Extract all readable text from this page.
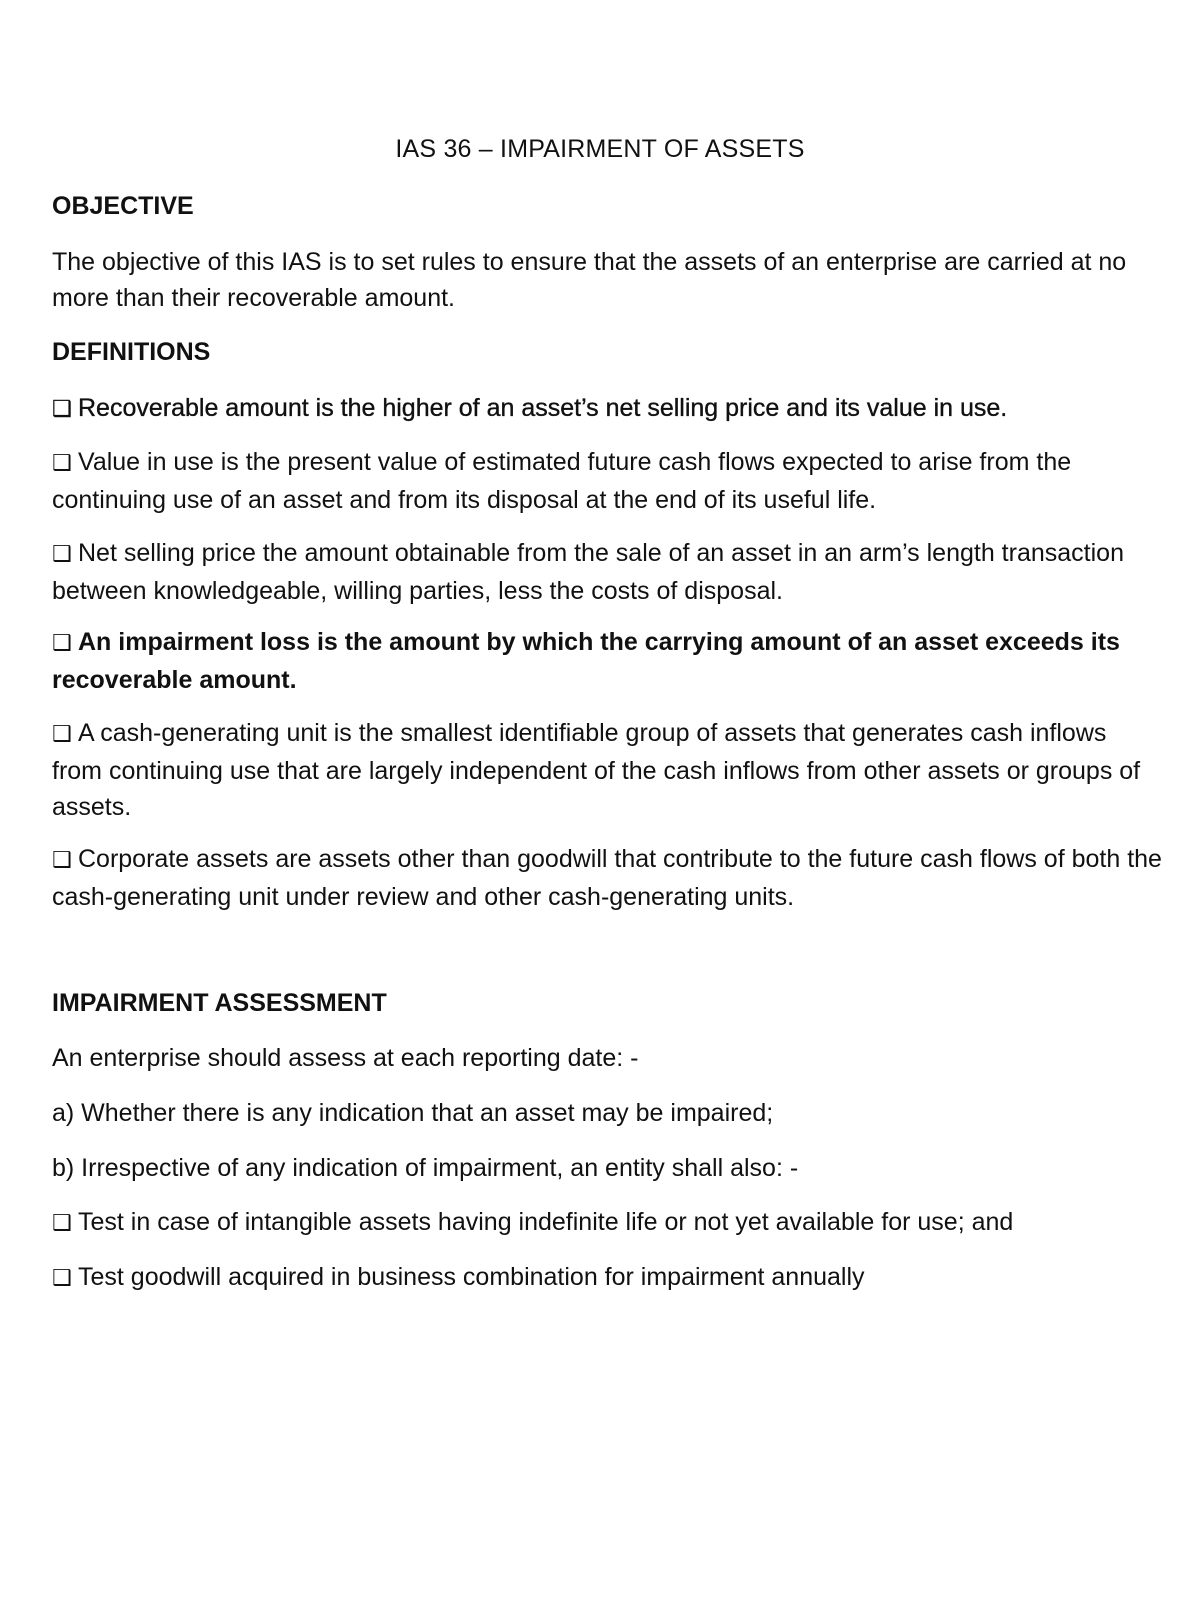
IAS 36 – IMPAIRMENT OF ASSETS

OBJECTIVE

The objective of this IAS is to set rules to ensure that the assets of an enterprise are carried at no more than their recoverable amount.

DEFINITIONS

❑ Recoverable amount is the higher of an asset’s net selling price and its value in use.

❑ Value in use is the present value of estimated future cash flows expected to arise from the continuing use of an asset and from its disposal at the end of its useful life.

❑ Net selling price the amount obtainable from the sale of an asset in an arm’s length transaction between knowledgeable, willing parties, less the costs of disposal.

❑ An impairment loss is the amount by which the carrying amount of an asset exceeds its recoverable amount.

❑ A cash-generating unit is the smallest identifiable group of assets that generates cash inflows from continuing use that are largely independent of the cash inflows from other assets or groups of assets.

❑ Corporate assets are assets other than goodwill that contribute to the future cash flows of both the cash-generating unit under review and other cash-generating units.

IMPAIRMENT ASSESSMENT

An enterprise should assess at each reporting date: -

a) Whether there is any indication that an asset may be impaired;

b) Irrespective of any indication of impairment, an entity shall also: -

❑ Test in case of intangible assets having indefinite life or not yet available for use; and

❑ Test goodwill acquired in business combination for impairment annually
